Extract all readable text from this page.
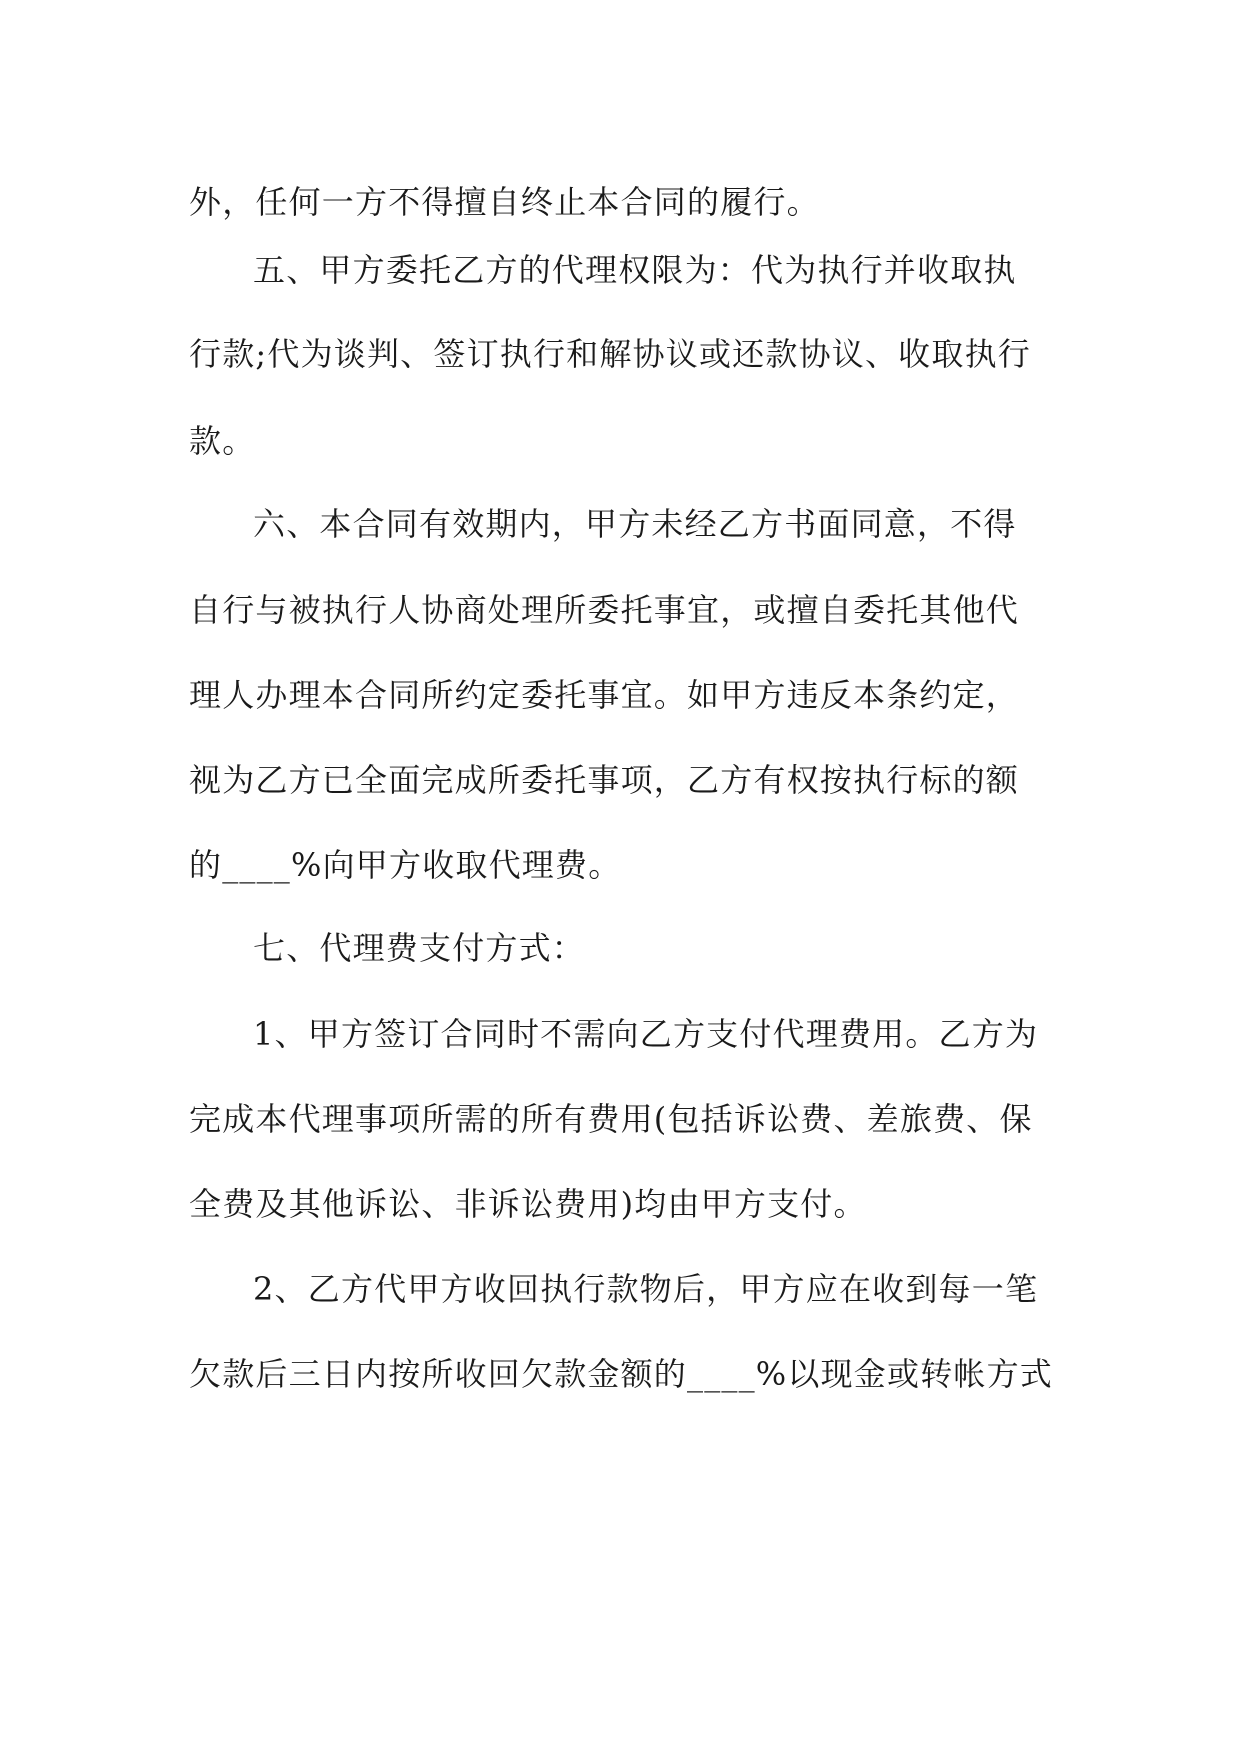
外，任何一方不得擅自终止本合同的履行。
五、甲方委托乙方的代理权限为：代为执行并收取执
行款;代为谈判、签订执行和解协议或还款协议、收取执行
款。
六、本合同有效期内，甲方未经乙方书面同意，不得
自行与被执行人协商处理所委托事宜，或擅自委托其他代
理人办理本合同所约定委托事宜。如甲方违反本条约定，
视为乙方已全面完成所委托事项，乙方有权按执行标的额
的____%向甲方收取代理费。
七、代理费支付方式：
1、甲方签订合同时不需向乙方支付代理费用。乙方为
完成本代理事项所需的所有费用(包括诉讼费、差旅费、保
全费及其他诉讼、非诉讼费用)均由甲方支付。
2、乙方代甲方收回执行款物后，甲方应在收到每一笔
欠款后三日内按所收回欠款金额的____%以现金或转帐方式
